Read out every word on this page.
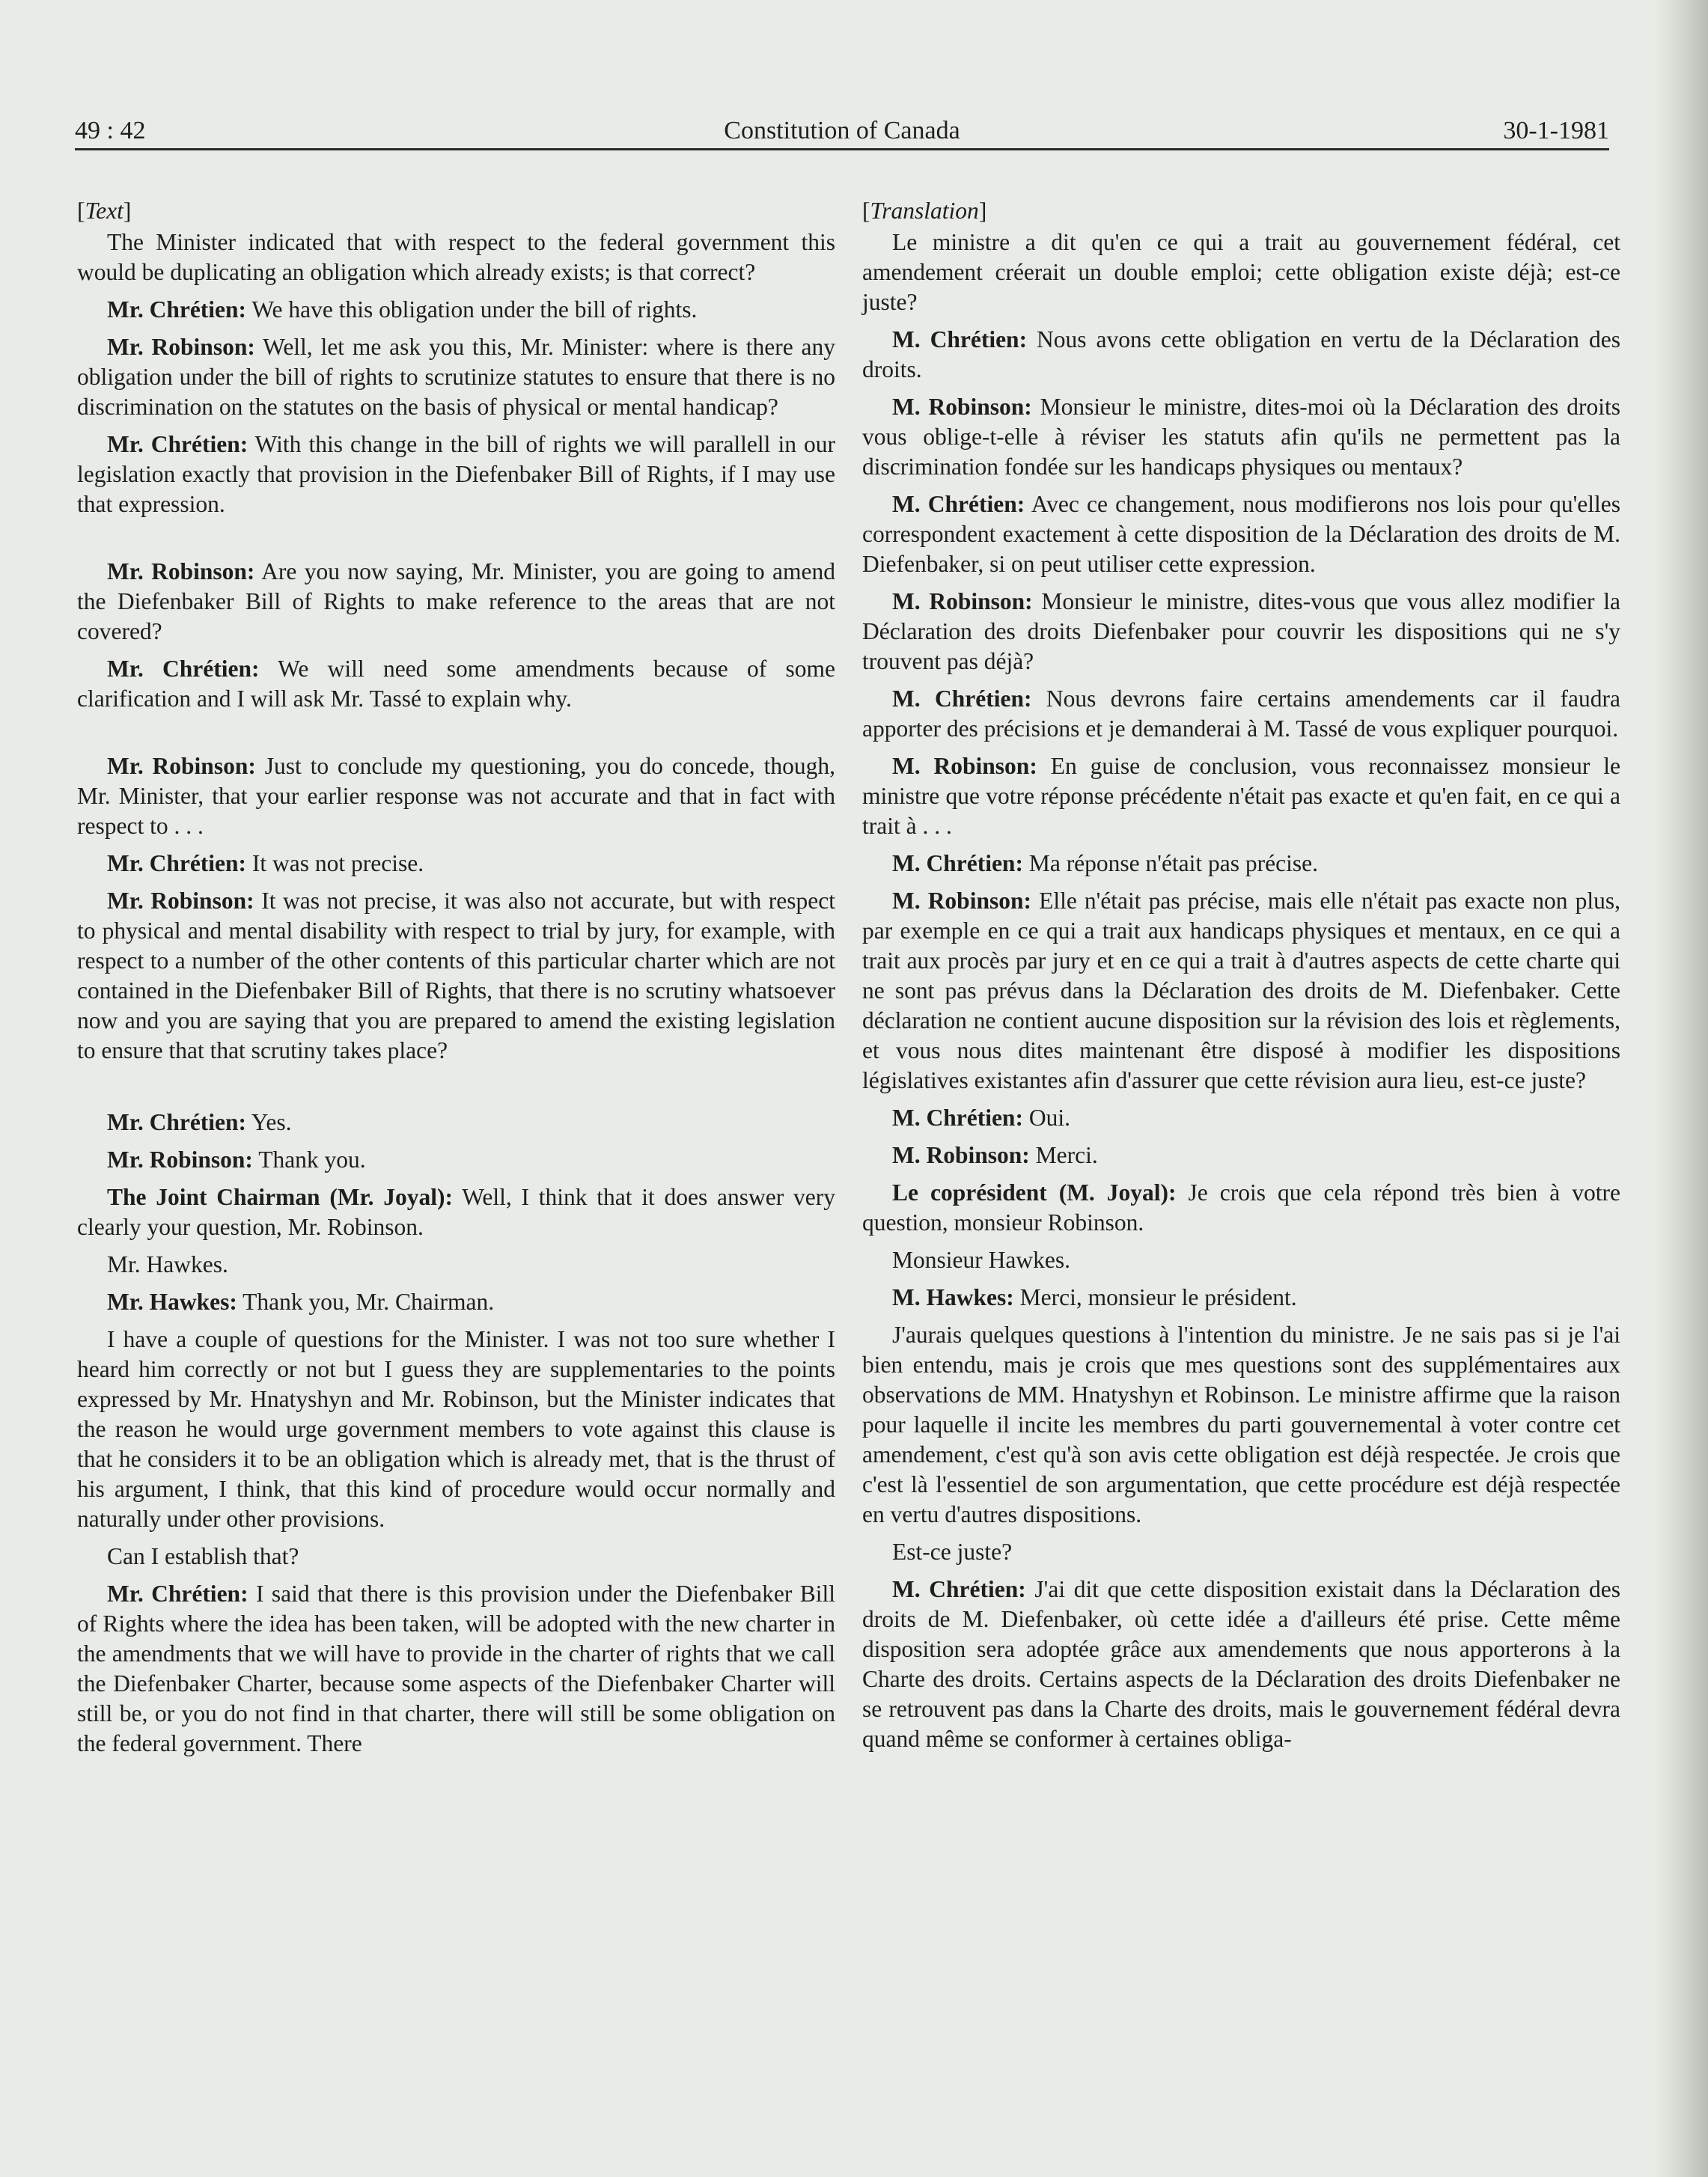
49 : 42	Constitution of Canada	30-1-1981

[Text]

The Minister indicated that with respect to the federal government this would be duplicating an obligation which already exists; is that correct?

Mr. Chrétien: We have this obligation under the bill of rights.

Mr. Robinson: Well, let me ask you this, Mr. Minister: where is there any obligation under the bill of rights to scrutinize statutes to ensure that there is no discrimination on the statutes on the basis of physical or mental handicap?

Mr. Chrétien: With this change in the bill of rights we will parallell in our legislation exactly that provision in the Diefenbaker Bill of Rights, if I may use that expression.

Mr. Robinson: Are you now saying, Mr. Minister, you are going to amend the Diefenbaker Bill of Rights to make reference to the areas that are not covered?

Mr. Chrétien: We will need some amendments because of some clarification and I will ask Mr. Tassé to explain why.

Mr. Robinson: Just to conclude my questioning, you do concede, though, Mr. Minister, that your earlier response was not accurate and that in fact with respect to . . .

Mr. Chrétien: It was not precise.

Mr. Robinson: It was not precise, it was also not accurate, but with respect to physical and mental disability with respect to trial by jury, for example, with respect to a number of the other contents of this particular charter which are not contained in the Diefenbaker Bill of Rights, that there is no scrutiny whatsoever now and you are saying that you are prepared to amend the existing legislation to ensure that that scrutiny takes place?

Mr. Chrétien: Yes.

Mr. Robinson: Thank you.

The Joint Chairman (Mr. Joyal): Well, I think that it does answer very clearly your question, Mr. Robinson.

Mr. Hawkes.

Mr. Hawkes: Thank you, Mr. Chairman.

I have a couple of questions for the Minister. I was not too sure whether I heard him correctly or not but I guess they are supplementaries to the points expressed by Mr. Hnatyshyn and Mr. Robinson, but the Minister indicates that the reason he would urge government members to vote against this clause is that he considers it to be an obligation which is already met, that is the thrust of his argument, I think, that this kind of procedure would occur normally and naturally under other provisions.

Can I establish that?

Mr. Chrétien: I said that there is this provision under the Diefenbaker Bill of Rights where the idea has been taken, will be adopted with the new charter in the amendments that we will have to provide in the charter of rights that we call the Diefenbaker Charter, because some aspects of the Diefenbaker Charter will still be, or you do not find in that charter, there will still be some obligation on the federal government. There

[Translation]

Le ministre a dit qu'en ce qui a trait au gouvernement fédéral, cet amendement créerait un double emploi; cette obligation existe déjà; est-ce juste?

M. Chrétien: Nous avons cette obligation en vertu de la Déclaration des droits.

M. Robinson: Monsieur le ministre, dites-moi où la Déclaration des droits vous oblige-t-elle à réviser les statuts afin qu'ils ne permettent pas la discrimination fondée sur les handicaps physiques ou mentaux?

M. Chrétien: Avec ce changement, nous modifierons nos lois pour qu'elles correspondent exactement à cette disposition de la Déclaration des droits de M. Diefenbaker, si on peut utiliser cette expression.

M. Robinson: Monsieur le ministre, dites-vous que vous allez modifier la Déclaration des droits Diefenbaker pour couvrir les dispositions qui ne s'y trouvent pas déjà?

M. Chrétien: Nous devrons faire certains amendements car il faudra apporter des précisions et je demanderai à M. Tassé de vous expliquer pourquoi.

M. Robinson: En guise de conclusion, vous reconnaissez monsieur le ministre que votre réponse précédente n'était pas exacte et qu'en fait, en ce qui a trait à . . .

M. Chrétien: Ma réponse n'était pas précise.

M. Robinson: Elle n'était pas précise, mais elle n'était pas exacte non plus, par exemple en ce qui a trait aux handicaps physiques et mentaux, en ce qui a trait aux procès par jury et en ce qui a trait à d'autres aspects de cette charte qui ne sont pas prévus dans la Déclaration des droits de M. Diefenbaker. Cette déclaration ne contient aucune disposition sur la révision des lois et règlements, et vous nous dites maintenant être disposé à modifier les dispositions législatives existantes afin d'assurer que cette révision aura lieu, est-ce juste?

M. Chrétien: Oui.

M. Robinson: Merci.

Le coprésident (M. Joyal): Je crois que cela répond très bien à votre question, monsieur Robinson.

Monsieur Hawkes.

M. Hawkes: Merci, monsieur le président.

J'aurais quelques questions à l'intention du ministre. Je ne sais pas si je l'ai bien entendu, mais je crois que mes questions sont des supplémentaires aux observations de MM. Hnatyshyn et Robinson. Le ministre affirme que la raison pour laquelle il incite les membres du parti gouvernemental à voter contre cet amendement, c'est qu'à son avis cette obligation est déjà respectée. Je crois que c'est là l'essentiel de son argumentation, que cette procédure est déjà respectée en vertu d'autres dispositions.

Est-ce juste?

M. Chrétien: J'ai dit que cette disposition existait dans la Déclaration des droits de M. Diefenbaker, où cette idée a d'ailleurs été prise. Cette même disposition sera adoptée grâce aux amendements que nous apporterons à la Charte des droits. Certains aspects de la Déclaration des droits Diefenbaker ne se retrouvent pas dans la Charte des droits, mais le gouvernement fédéral devra quand même se conformer à certaines obliga-
